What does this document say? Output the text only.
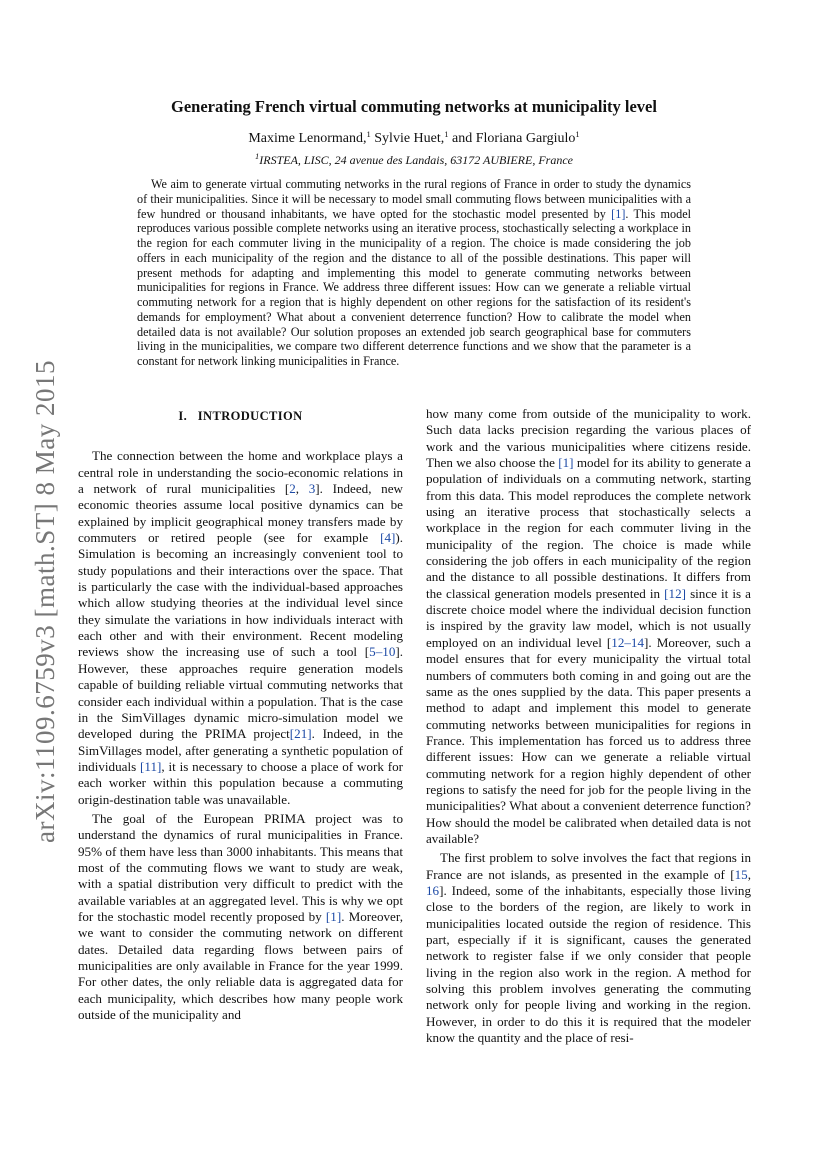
arXiv:1109.6759v3 [math.ST] 8 May 2015
Generating French virtual commuting networks at municipality level
Maxime Lenormand,$^1$ Sylvie Huet,$^1$ and Floriana Gargiulo$^1$
$^1$IRSTEA, LISC, 24 avenue des Landais, 63172 AUBIERE, France

We aim to generate virtual commuting networks in the rural regions of France in order to study the dynamics of their municipalities. Since it will be necessary to model small commuting flows between municipalities with a few hundred or thousand inhabitants, we have opted for the stochastic model presented by [1]. This model reproduces various possible complete networks using an iterative process, stochastically selecting a workplace in the region for each commuter living in the municipality of a region. The choice is made considering the job offers in each municipality of the region and the distance to all of the possible destinations. This paper will present methods for adapting and implementing this model to generate commuting networks between municipalities for regions in France. We address three different issues: How can we generate a reliable virtual commuting network for a region that is highly dependent on other regions for the satisfaction of its resident's demands for employment? What about a convenient deterrence function? How to calibrate the model when detailed data is not available? Our solution proposes an extended job search geographical base for commuters living in the municipalities, we compare two different deterrence functions and we show that the parameter is a constant for network linking municipalities in France.

I. INTRODUCTION

The connection between the home and workplace plays a central role in understanding the socio-economic relations in a network of rural municipalities [2, 3]. Indeed, new economic theories assume local positive dynamics can be explained by implicit geographical money transfers made by commuters or retired people (see for example [4]). Simulation is becoming an increasingly convenient tool to study populations and their interactions over the space. That is particularly the case with the individual-based approaches which allow studying theories at the individual level since they simulate the variations in how individuals interact with each other and with their environment. Recent modeling reviews show the increasing use of such a tool [5–10]. However, these approaches require generation models capable of building reliable virtual commuting networks that consider each individual within a population. That is the case in the SimVillages dynamic micro-simulation model we developed during the PRIMA project[21]. Indeed, in the SimVillages model, after generating a synthetic population of individuals [11], it is necessary to choose a place of work for each worker within this population because a commuting origin-destination table was unavailable.

The goal of the European PRIMA project was to understand the dynamics of rural municipalities in France. 95% of them have less than 3000 inhabitants. This means that most of the commuting flows we want to study are weak, with a spatial distribution very difficult to predict with the available variables at an aggregated level. This is why we opt for the stochastic model recently proposed by [1]. Moreover, we want to consider the commuting network on different dates. Detailed data regarding flows between pairs of municipalities are only available in France for the year 1999. For other dates, the only reliable data is aggregated data for each municipality, which describes how many people work outside of the municipality and

how many come from outside of the municipality to work. Such data lacks precision regarding the various places of work and the various municipalities where citizens reside. Then we also choose the [1] model for its ability to generate a population of individuals on a commuting network, starting from this data. This model reproduces the complete network using an iterative process that stochastically selects a workplace in the region for each commuter living in the municipality of the region. The choice is made while considering the job offers in each municipality of the region and the distance to all possible destinations. It differs from the classical generation models presented in [12] since it is a discrete choice model where the individual decision function is inspired by the gravity law model, which is not usually employed on an individual level [12–14]. Moreover, such a model ensures that for every municipality the virtual total numbers of commuters both coming in and going out are the same as the ones supplied by the data. This paper presents a method to adapt and implement this model to generate commuting networks between municipalities for regions in France. This implementation has forced us to address three different issues: How can we generate a reliable virtual commuting network for a region highly dependent of other regions to satisfy the need for job for the people living in the municipalities? What about a convenient deterrence function? How should the model be calibrated when detailed data is not available?

The first problem to solve involves the fact that regions in France are not islands, as presented in the example of [15, 16]. Indeed, some of the inhabitants, especially those living close to the borders of the region, are likely to work in municipalities located outside the region of residence. This part, especially if it is significant, causes the generated network to register false if we only consider that people living in the region also work in the region. A method for solving this problem involves generating the commuting network only for people living and working in the region. However, in order to do this it is required that the modeler know the quantity and the place of resi-
